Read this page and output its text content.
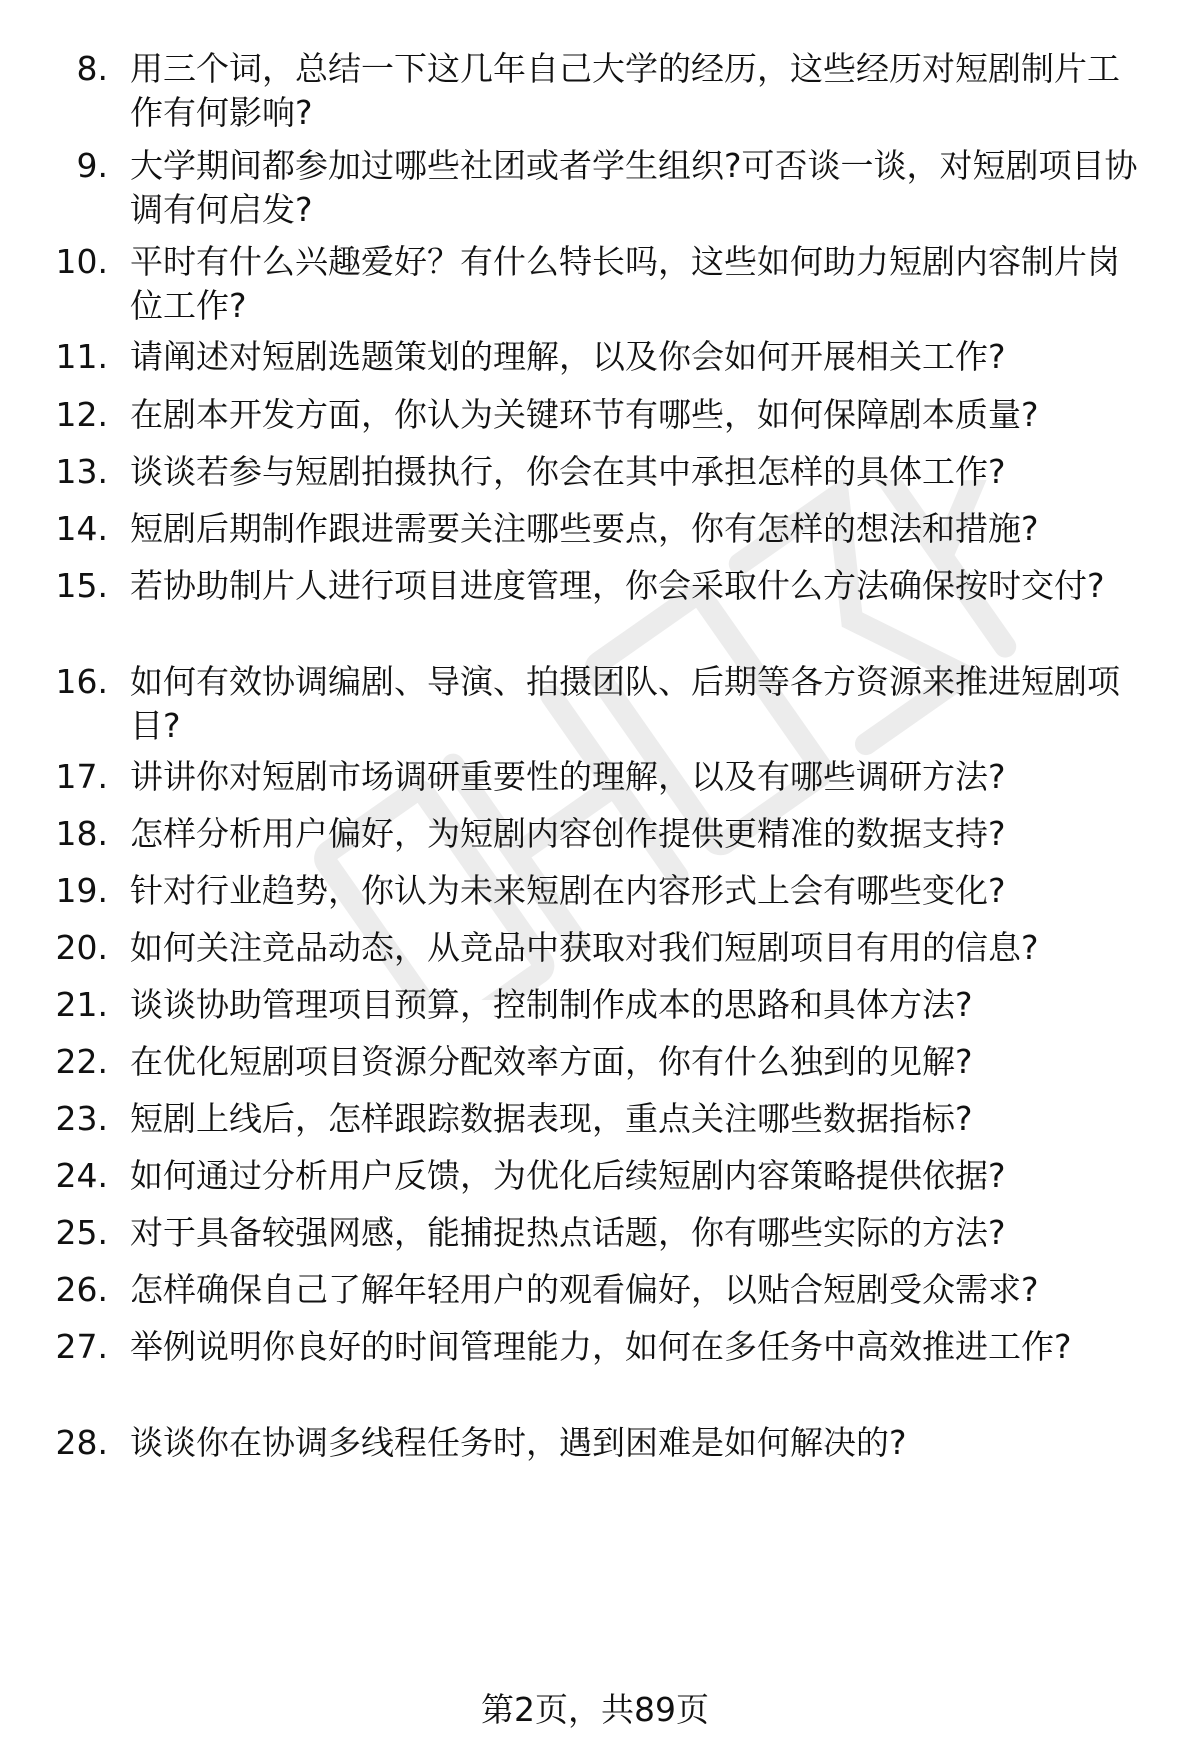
8. 用三个词，总结一下这几年自己大学的经历，这些经历对短剧制片工作有何影响?
9. 大学期间都参加过哪些社团或者学生组织?可否谈一谈，对短剧项目协调有何启发?
10. 平时有什么兴趣爱好？有什么特长吗，这些如何助力短剧内容制片岗位工作?
11. 请阐述对短剧选题策划的理解，以及你会如何开展相关工作?
12. 在剧本开发方面，你认为关键环节有哪些，如何保障剧本质量?
13. 谈谈若参与短剧拍摄执行，你会在其中承担怎样的具体工作?
14. 短剧后期制作跟进需要关注哪些要点，你有怎样的想法和措施?
15. 若协助制片人进行项目进度管理，你会采取什么方法确保按时交付?
16. 如何有效协调编剧、导演、拍摄团队、后期等各方资源来推进短剧项目?
17. 讲讲你对短剧市场调研重要性的理解，以及有哪些调研方法?
18. 怎样分析用户偏好，为短剧内容创作提供更精准的数据支持?
19. 针对行业趋势，你认为未来短剧在内容形式上会有哪些变化?
20. 如何关注竞品动态，从竞品中获取对我们短剧项目有用的信息?
21. 谈谈协助管理项目预算，控制制作成本的思路和具体方法?
22. 在优化短剧项目资源分配效率方面，你有什么独到的见解?
23. 短剧上线后，怎样跟踪数据表现，重点关注哪些数据指标?
24. 如何通过分析用户反馈，为优化后续短剧内容策略提供依据?
25. 对于具备较强网感，能捕捉热点话题，你有哪些实际的方法?
26. 怎样确保自己了解年轻用户的观看偏好，以贴合短剧受众需求?
27. 举例说明你良好的时间管理能力，如何在多任务中高效推进工作?
28. 谈谈你在协调多线程任务时，遇到困难是如何解决的?
第2页，共89页
